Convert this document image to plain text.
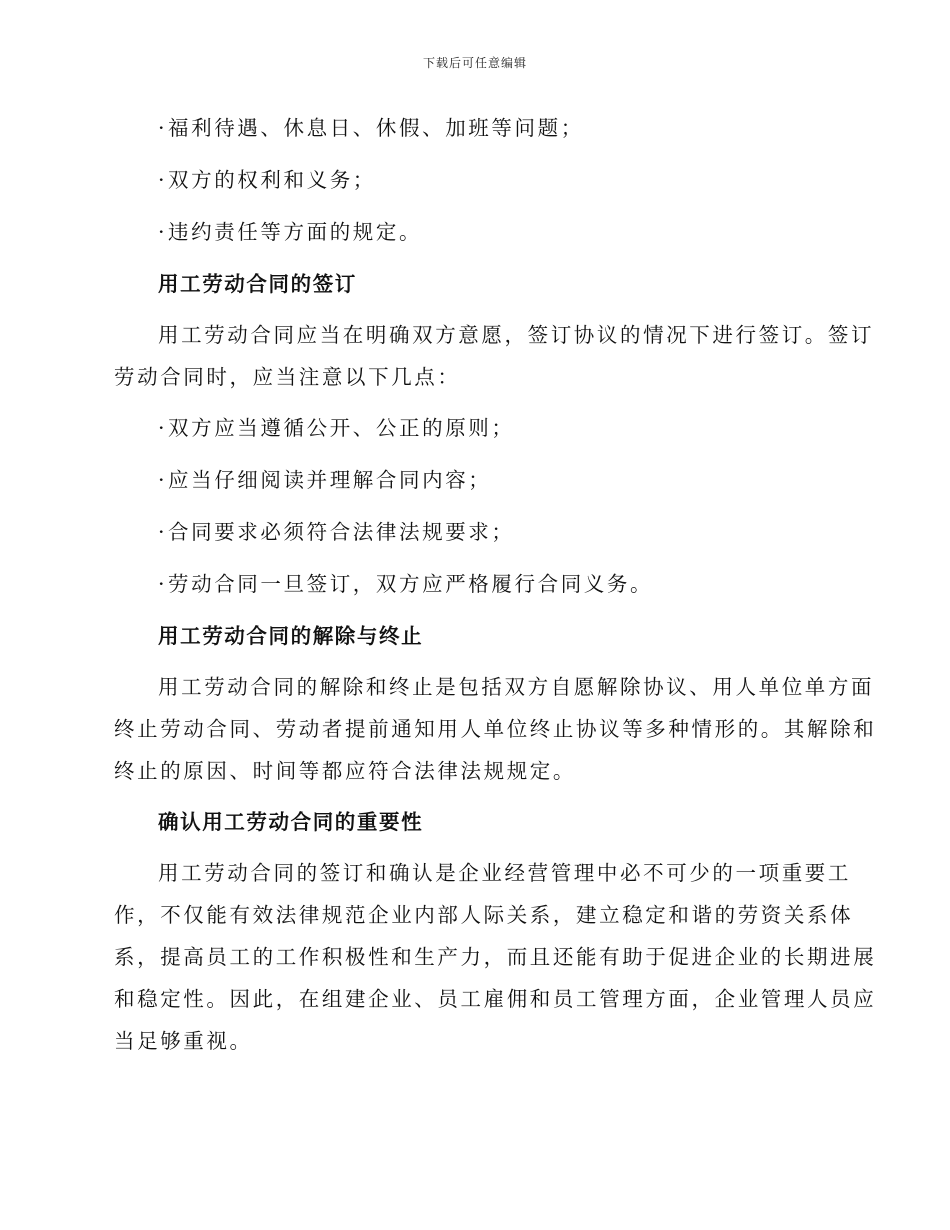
下载后可任意编辑
·福利待遇、休息日、休假、加班等问题；
·双方的权利和义务；
·违约责任等方面的规定。
用工劳动合同的签订
用工劳动合同应当在明确双方意愿，签订协议的情况下进行签订。签订
劳动合同时，应当注意以下几点：
·双方应当遵循公开、公正的原则；
·应当仔细阅读并理解合同内容；
·合同要求必须符合法律法规要求；
·劳动合同一旦签订，双方应严格履行合同义务。
用工劳动合同的解除与终止
用工劳动合同的解除和终止是包括双方自愿解除协议、用人单位单方面
终止劳动合同、劳动者提前通知用人单位终止协议等多种情形的。其解除和
终止的原因、时间等都应符合法律法规规定。
确认用工劳动合同的重要性
用工劳动合同的签订和确认是企业经营管理中必不可少的一项重要工
作，不仅能有效法律规范企业内部人际关系，建立稳定和谐的劳资关系体
系，提高员工的工作积极性和生产力，而且还能有助于促进企业的长期进展
和稳定性。因此，在组建企业、员工雇佣和员工管理方面，企业管理人员应
当足够重视。
